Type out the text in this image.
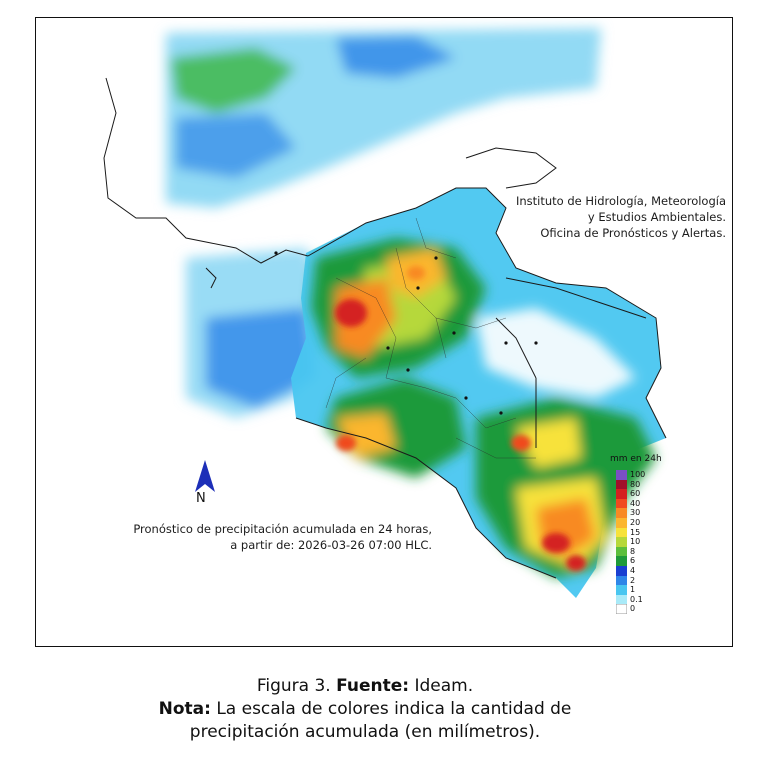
Instituto de Hidrología, Meteorología
y Estudios Ambientales.
Oficina de Pronósticos y Alertas.
N
Pronóstico de precipitación acumulada en 24 horas,
a partir de: 2026-03-26 07:00 HLC.
mm en 24h
100
80
60
40
30
20
15
10
8
6
4
2
1
0.1
0
Figura 3. Fuente: Ideam.
Nota: La escala de colores indica la cantidad de
precipitación acumulada (en milímetros).
